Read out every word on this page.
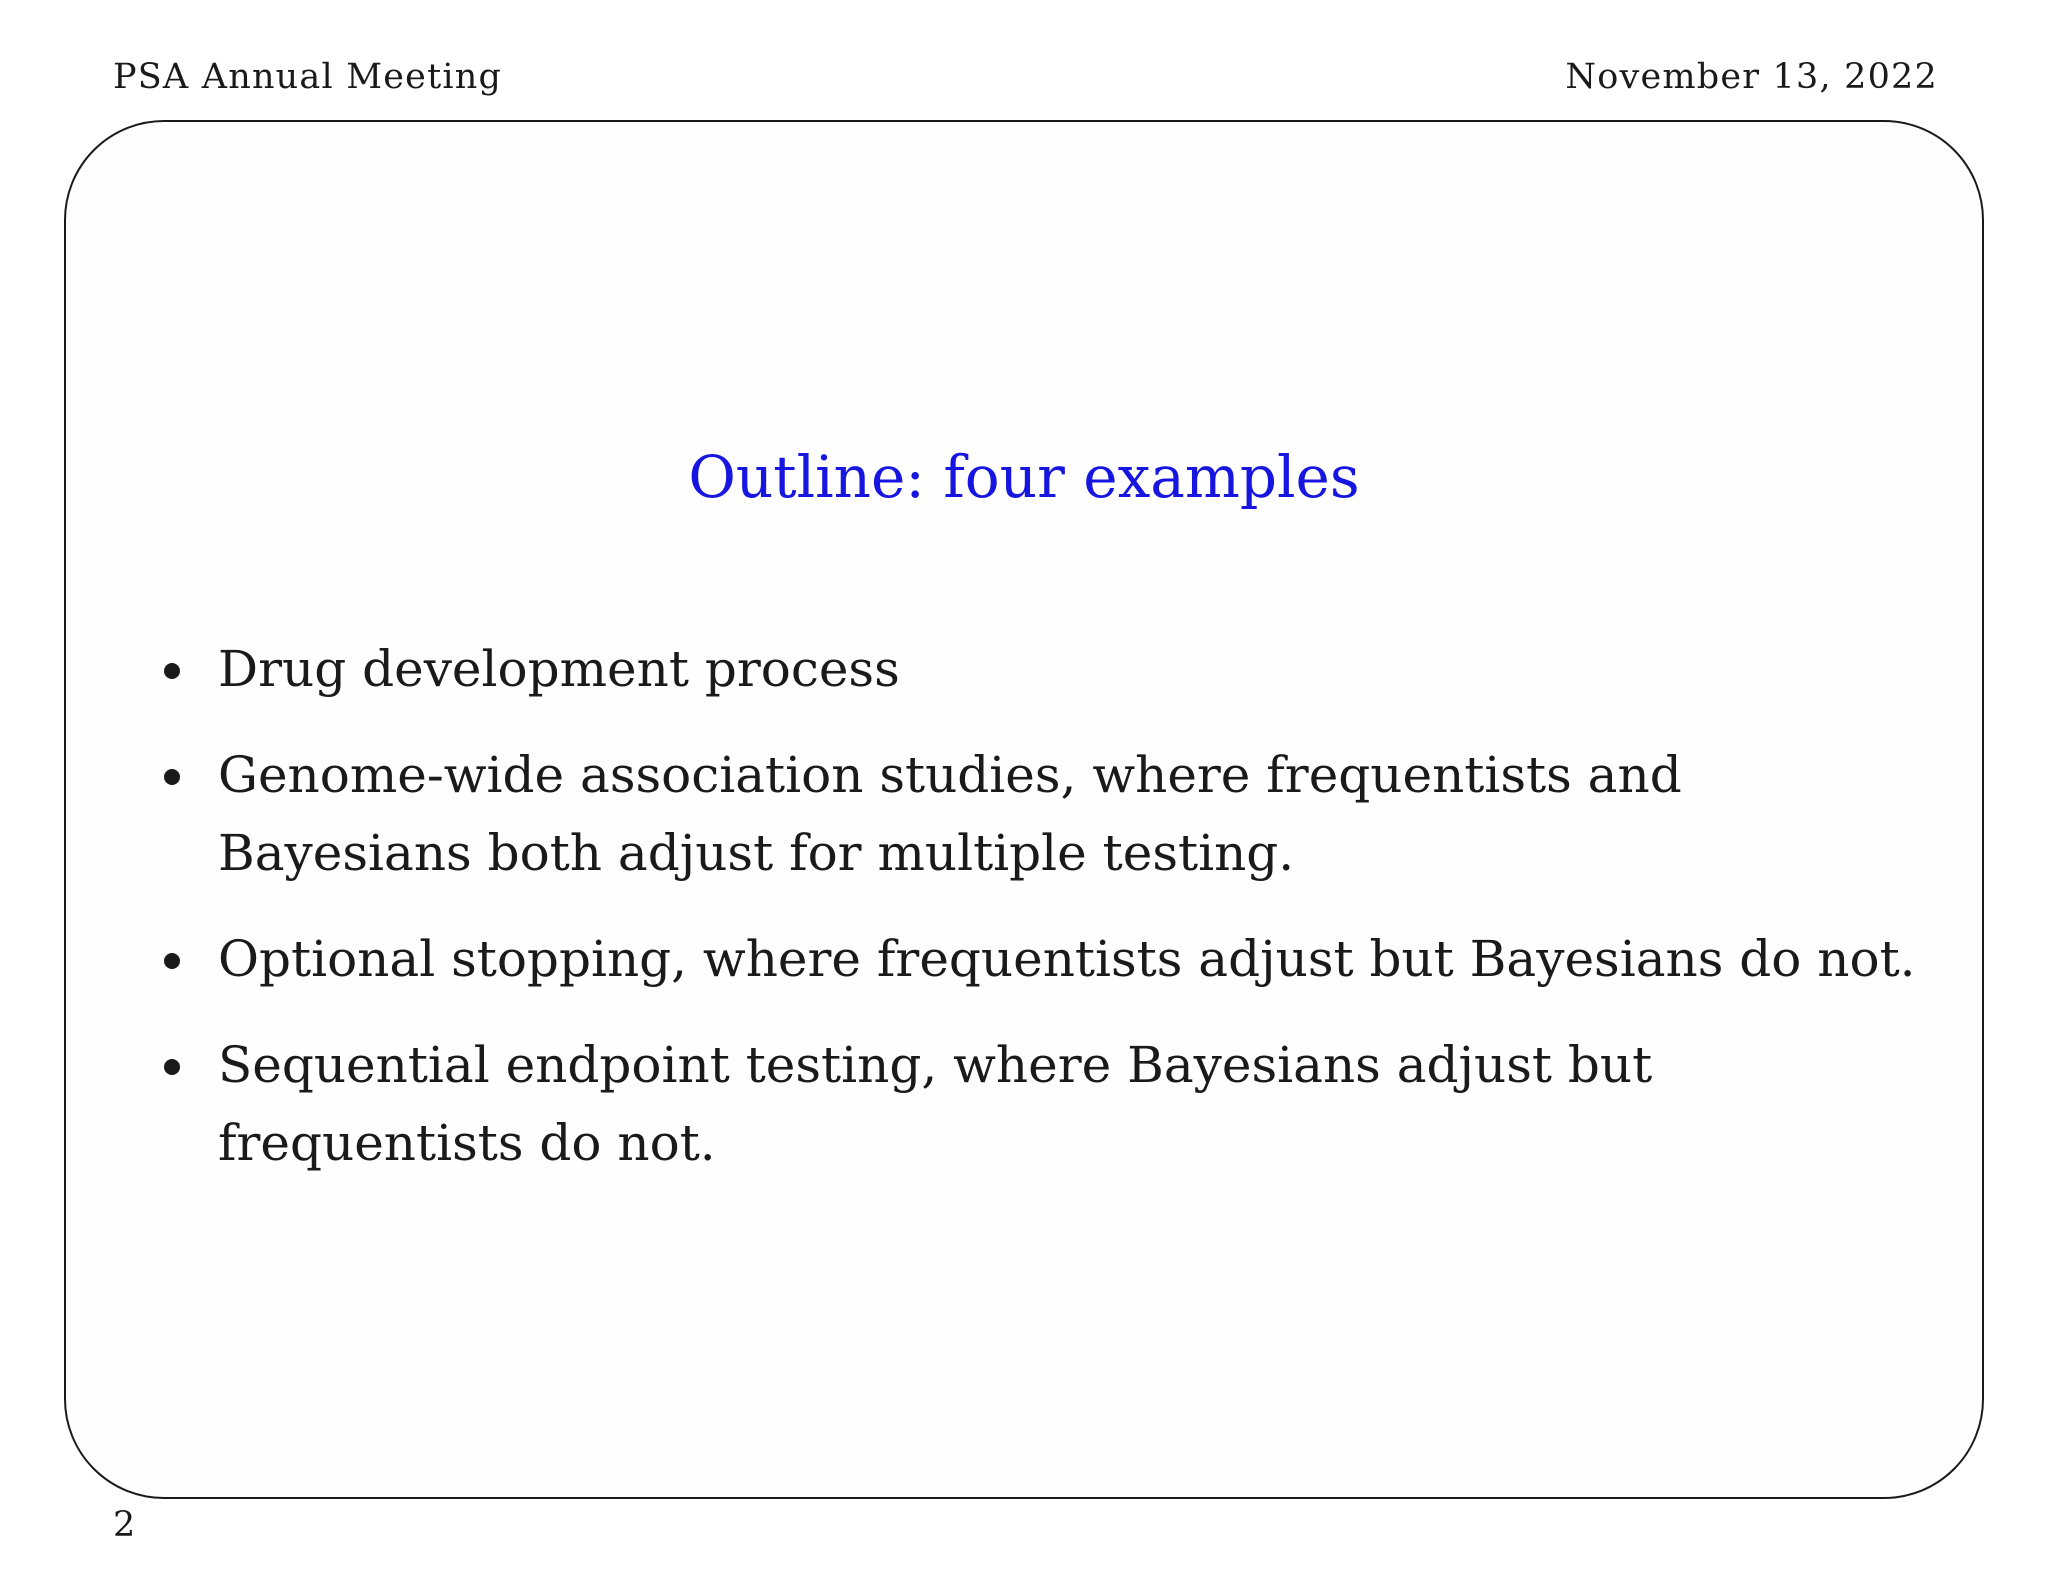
PSA Annual Meeting	November 13, 2022
Outline: four examples
Drug development process
Genome-wide association studies, where frequentists and Bayesians both adjust for multiple testing.
Optional stopping, where frequentists adjust but Bayesians do not.
Sequential endpoint testing, where Bayesians adjust but frequentists do not.
2
